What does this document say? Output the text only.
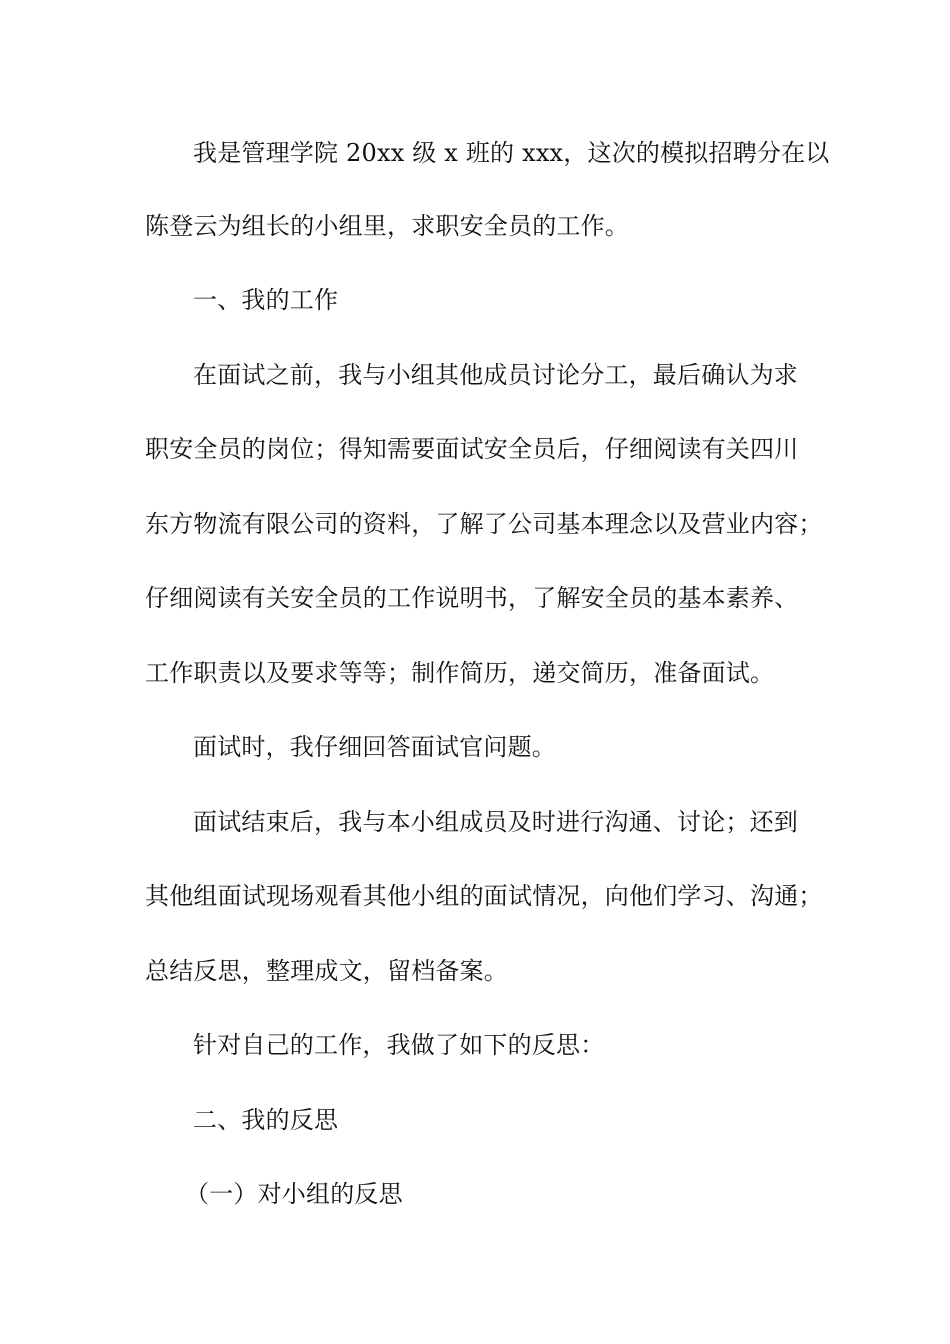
我是管理学院 20xx 级 x 班的 xxx，这次的模拟招聘分在以
陈登云为组长的小组里，求职安全员的工作。
一、我的工作
在面试之前，我与小组其他成员讨论分工，最后确认为求
职安全员的岗位；得知需要面试安全员后，仔细阅读有关四川
东方物流有限公司的资料，了解了公司基本理念以及营业内容；
仔细阅读有关安全员的工作说明书，了解安全员的基本素养、
工作职责以及要求等等；制作简历，递交简历，准备面试。
面试时，我仔细回答面试官问题。
面试结束后，我与本小组成员及时进行沟通、讨论；还到
其他组面试现场观看其他小组的面试情况，向他们学习、沟通；
总结反思，整理成文，留档备案。
针对自己的工作，我做了如下的反思：
二、我的反思
（一）对小组的反思
